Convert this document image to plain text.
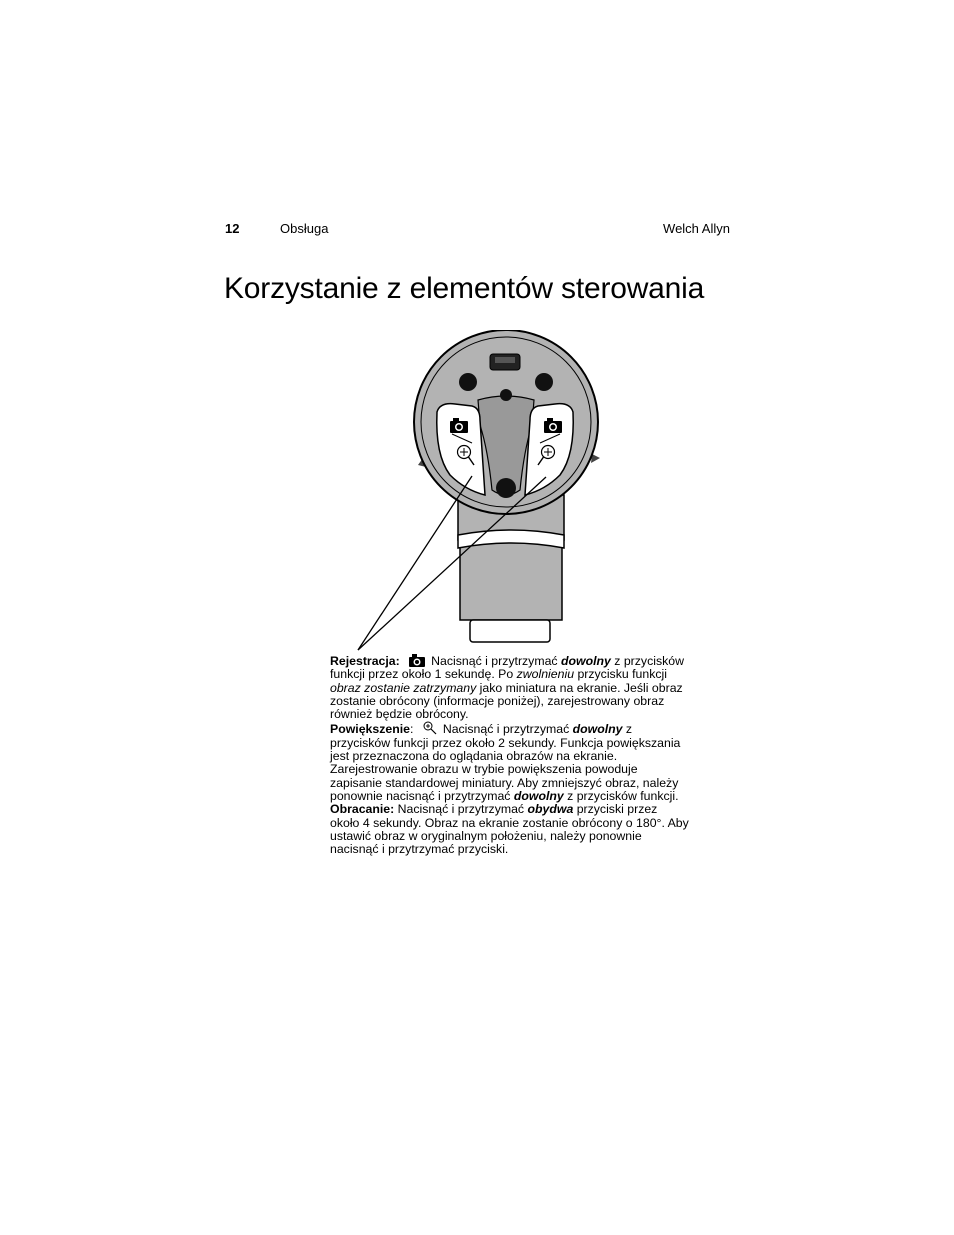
12	Obsługa	Welch Allyn
Korzystanie z elementów sterowania

Rejestracja:	Nacisnąć i przytrzymać dowolny z przycisków funkcji przez około 1 sekundę. Po zwolnieniu przycisku funkcji obraz zostanie zatrzymany jako miniatura na ekranie. Jeśli obraz zostanie obrócony (informacje poniżej), zarejestrowany obraz również będzie obrócony.

Powiększenie: Nacisnąć i przytrzymać dowolny z przycisków funkcji przez około 2 sekundy. Funkcja powiększania jest przeznaczona do oglądania obrazów na ekranie. Zarejestrowanie obrazu w trybie powiększenia powoduje zapisanie standardowej miniatury. Aby zmniejszyć obraz, należy ponownie nacisnąć i przytrzymać dowolny z przycisków funkcji.

Obracanie: Nacisnąć i przytrzymać obydwa przyciski przez około 4 sekundy. Obraz na ekranie zostanie obrócony o 180°. Aby ustawić obraz w oryginalnym położeniu, należy ponownie nacisnąć i przytrzymać przyciski.
